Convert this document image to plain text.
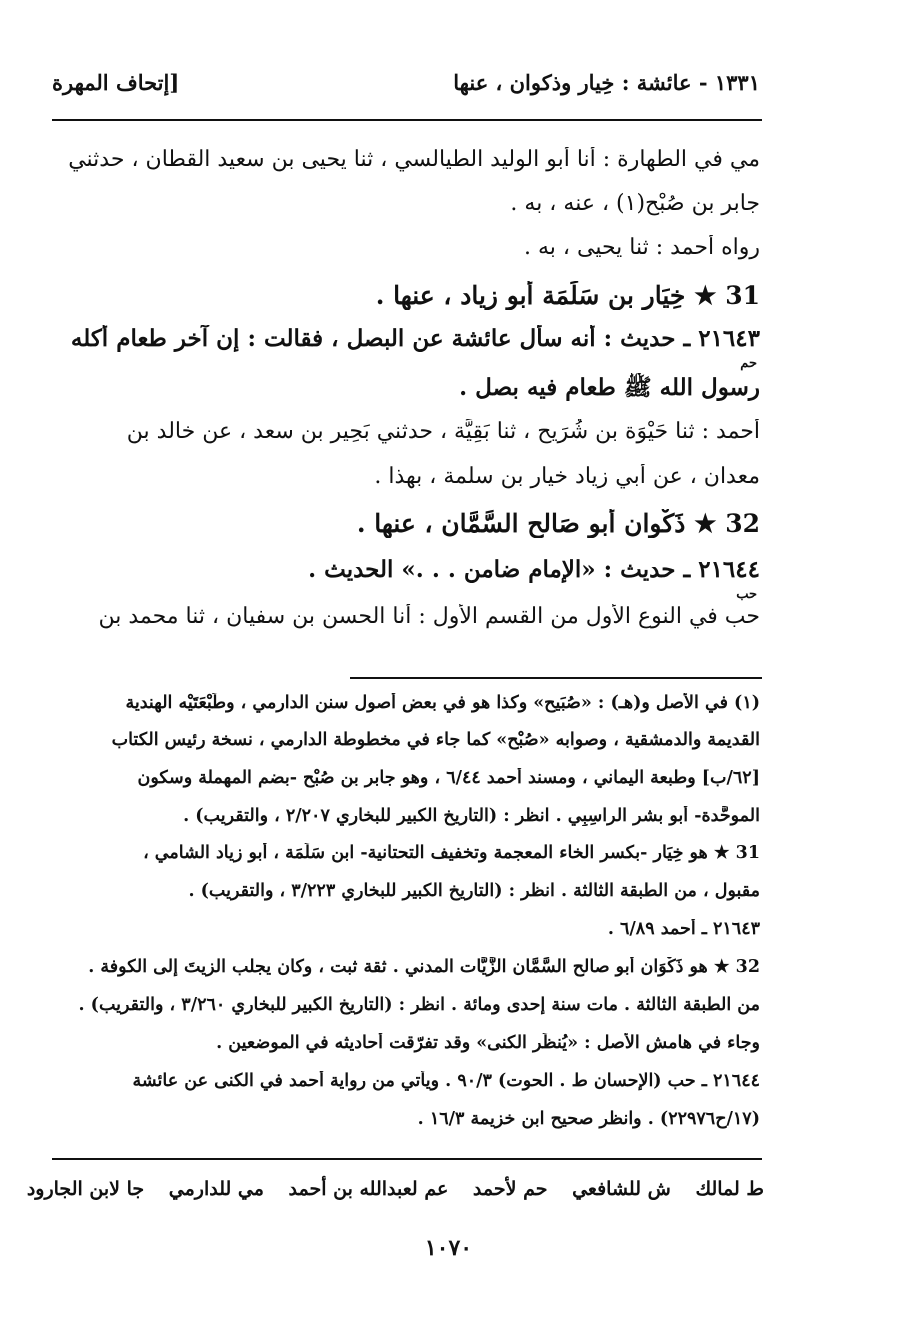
١٣٣١ - عائشة : خِيار وذكوان ، عنها
[إتحاف المهرة
مي في الطهارة : أنا أبو الوليد الطيالسي ، ثنا يحيى بن سعيد القطان ، حدثني
جابر بن صُبْح(١) ، عنه ، به .
رواه أحمد : ثنا يحيى ، به .
31 ★ خِيَار بن سَلَمَة أبو زياد ، عنها .
٢١٦٤٣ ـ حديث : أنه سأل عائشة عن البصل ، فقالت : إن آخر طعام أكله
حم
رسول الله ﷺ طعام فيه بصل .
أحمد : ثنا حَيْوَة بن شُرَيح ، ثنا بَقِيَّة ، حدثني بَحِير بن سعد ، عن خالد بن
معدان ، عن أبي زياد خيار بن سلمة ، بهذا .
32 ★ ذَكْوان أبو صَالح السَّمَّان ، عنها .
٢١٦٤٤ ـ حديث : «الإمام ضامن . . .» الحديث .
حب
حب في النوع الأول من القسم الأول : أنا الحسن بن سفيان ، ثنا محمد بن
(١) في الأصل و(هـ) : «صُبَيح» وكذا هو في بعض أصول سنن الدارمي ، وطَبْعَتَيْه الهندية
القديمة والدمشقية ، وصوابه «صُبْح» كما جاء في مخطوطة الدارمي ، نسخة رئيس الكتاب
[٦٢/ب] وطبعة اليماني ، ومسند أحمد ٦/٤٤ ، وهو جابر بن صُبْح -بضم المهملة وسكون
الموحَّدة- أبو بشر الراسِبِي . انظر : (التاريخ الكبير للبخاري ٢/٢٠٧ ، والتقريب) .
31 ★ هو خِيَار -بكسر الخاء المعجمة وتخفيف التحتانية- ابن سَلَمَة ، أبو زياد الشامي ،
مقبول ، من الطبقة الثالثة . انظر : (التاريخ الكبير للبخاري ٣/٢٢٣ ، والتقريب) .
٢١٦٤٣ ـ أحمد ٦/٨٩ .
32 ★ هو ذَكْوَان أبو صالح السَّمَّان الزَّيَّات المدني . ثقة ثبت ، وكان يجلب الزيتَ إلى الكوفة .
من الطبقة الثالثة . مات سنة إحدى ومائة . انظر : (التاريخ الكبير للبخاري ٣/٢٦٠ ، والتقريب) .
وجاء في هامش الأصل : «يُنظَر الكنى» وقد تفرّقت أحاديثه في الموضعين .
٢١٦٤٤ ـ حب (الإحسان ط . الحوت) ٩٠/٣ . ويأتي من رواية أحمد في الكنى عن عائشة
(١٧/ح٢٢٩٧٦) . وانظر صحيح ابن خزيمة ١٦/٣ .
ط لمالك ش للشافعي حم لأحمد عم لعبدالله بن أحمد مي للدارمي جا لابن الجارود
١٠٧٠
